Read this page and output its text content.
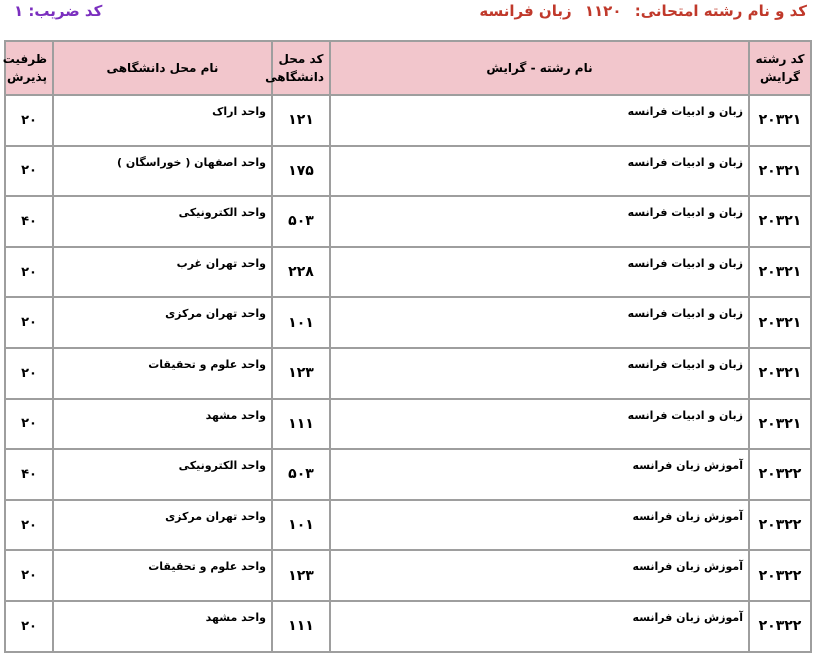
کد و نام رشته امتحانی: ۱۱۲۰ زبان فرانسه
کد ضریب: ۱
کد رشته گرایش	نام رشته - گرایش	کد محل دانشگاهی	نام محل دانشگاهی	ظرفیت پذیرش
۲۰۳۲۱	زبان و ادبیات فرانسه	۱۲۱	واحد اراک	۲۰
۲۰۳۲۱	زبان و ادبیات فرانسه	۱۷۵	واحد اصفهان ( خوراسگان )	۲۰
۲۰۳۲۱	زبان و ادبیات فرانسه	۵۰۳	واحد الکترونیکی	۴۰
۲۰۳۲۱	زبان و ادبیات فرانسه	۲۲۸	واحد تهران غرب	۲۰
۲۰۳۲۱	زبان و ادبیات فرانسه	۱۰۱	واحد تهران مرکزی	۲۰
۲۰۳۲۱	زبان و ادبیات فرانسه	۱۲۳	واحد علوم و تحقیقات	۲۰
۲۰۳۲۱	زبان و ادبیات فرانسه	۱۱۱	واحد مشهد	۲۰
۲۰۳۲۲	آموزش زبان فرانسه	۵۰۳	واحد الکترونیکی	۴۰
۲۰۳۲۲	آموزش زبان فرانسه	۱۰۱	واحد تهران مرکزی	۲۰
۲۰۳۲۲	آموزش زبان فرانسه	۱۲۳	واحد علوم و تحقیقات	۲۰
۲۰۳۲۲	آموزش زبان فرانسه	۱۱۱	واحد مشهد	۲۰
